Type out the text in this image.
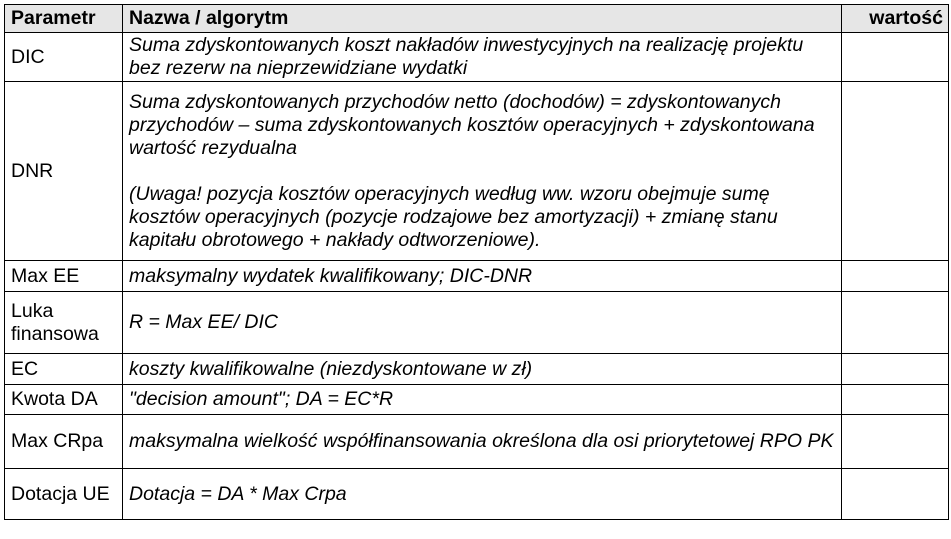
Parametr	Nazwa / algorytm	wartość
DIC	Suma zdyskontowanych koszt nakładów inwestycyjnych na realizację projektu bez rezerw na nieprzewidziane wydatki	
DNR	Suma zdyskontowanych przychodów netto (dochodów) = zdyskontowanych przychodów – suma zdyskontowanych kosztów operacyjnych + zdyskontowana wartość rezydualna
(Uwaga! pozycja kosztów operacyjnych według ww. wzoru obejmuje sumę kosztów operacyjnych (pozycje rodzajowe bez amortyzacji) + zmianę stanu kapitału obrotowego + nakłady odtworzeniowe).	

Max EE	maksymalny wydatek kwalifikowany; DIC-DNR	
Luka finansowa	R = Max EE/ DIC	
EC	koszty kwalifikowalne (niezdyskontowane w zł)	
Kwota DA	"decision amount"; DA = EC*R	
Max CRpa	maksymalna wielkość współfinansowania określona dla osi priorytetowej RPO PK	
Dotacja UE	Dotacja = DA * Max Crpa	
